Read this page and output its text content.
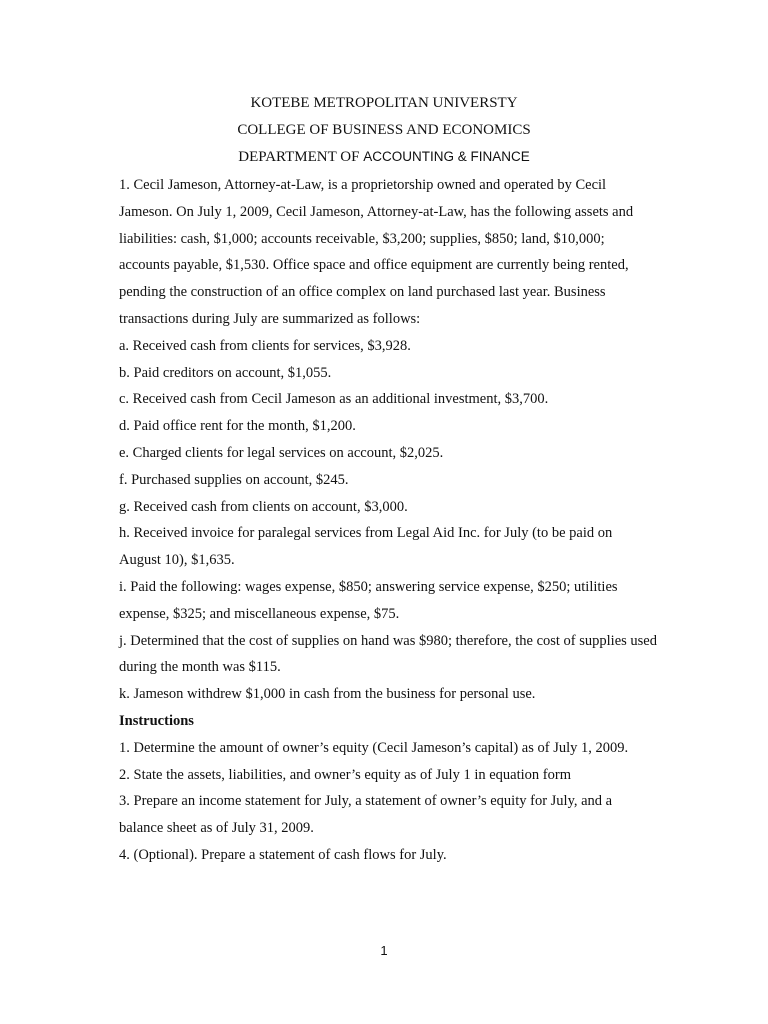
KOTEBE METROPOLITAN UNIVERSTY
COLLEGE OF BUSINESS AND ECONOMICS
DEPARTMENT OF ACCOUNTING & FINANCE

1. Cecil Jameson, Attorney-at-Law, is a proprietorship owned and operated by Cecil

Jameson. On July 1, 2009, Cecil Jameson, Attorney-at-Law, has the following assets and

liabilities: cash, $1,000; accounts receivable, $3,200; supplies, $850; land, $10,000;

accounts payable, $1,530. Office space and office equipment are currently being rented,

pending the construction of an office complex on land purchased last year. Business

transactions during July are summarized as follows:

a. Received cash from clients for services, $3,928.

b. Paid creditors on account, $1,055.

c. Received cash from Cecil Jameson as an additional investment, $3,700.

d. Paid office rent for the month, $1,200.

e. Charged clients for legal services on account, $2,025.

f. Purchased supplies on account, $245.

g. Received cash from clients on account, $3,000.

h. Received invoice for paralegal services from Legal Aid Inc. for July (to be paid on

August 10), $1,635.

i. Paid the following: wages expense, $850; answering service expense, $250; utilities

expense, $325; and miscellaneous expense, $75.

j. Determined that the cost of supplies on hand was $980; therefore, the cost of supplies used

during the month was $115.

k. Jameson withdrew $1,000 in cash from the business for personal use.

Instructions

1. Determine the amount of owner’s equity (Cecil Jameson’s capital) as of July 1, 2009.

2. State the assets, liabilities, and owner’s equity as of July 1 in equation form

3. Prepare an income statement for July, a statement of owner’s equity for July, and a

balance sheet as of July 31, 2009.

4. (Optional). Prepare a statement of cash flows for July.

1
